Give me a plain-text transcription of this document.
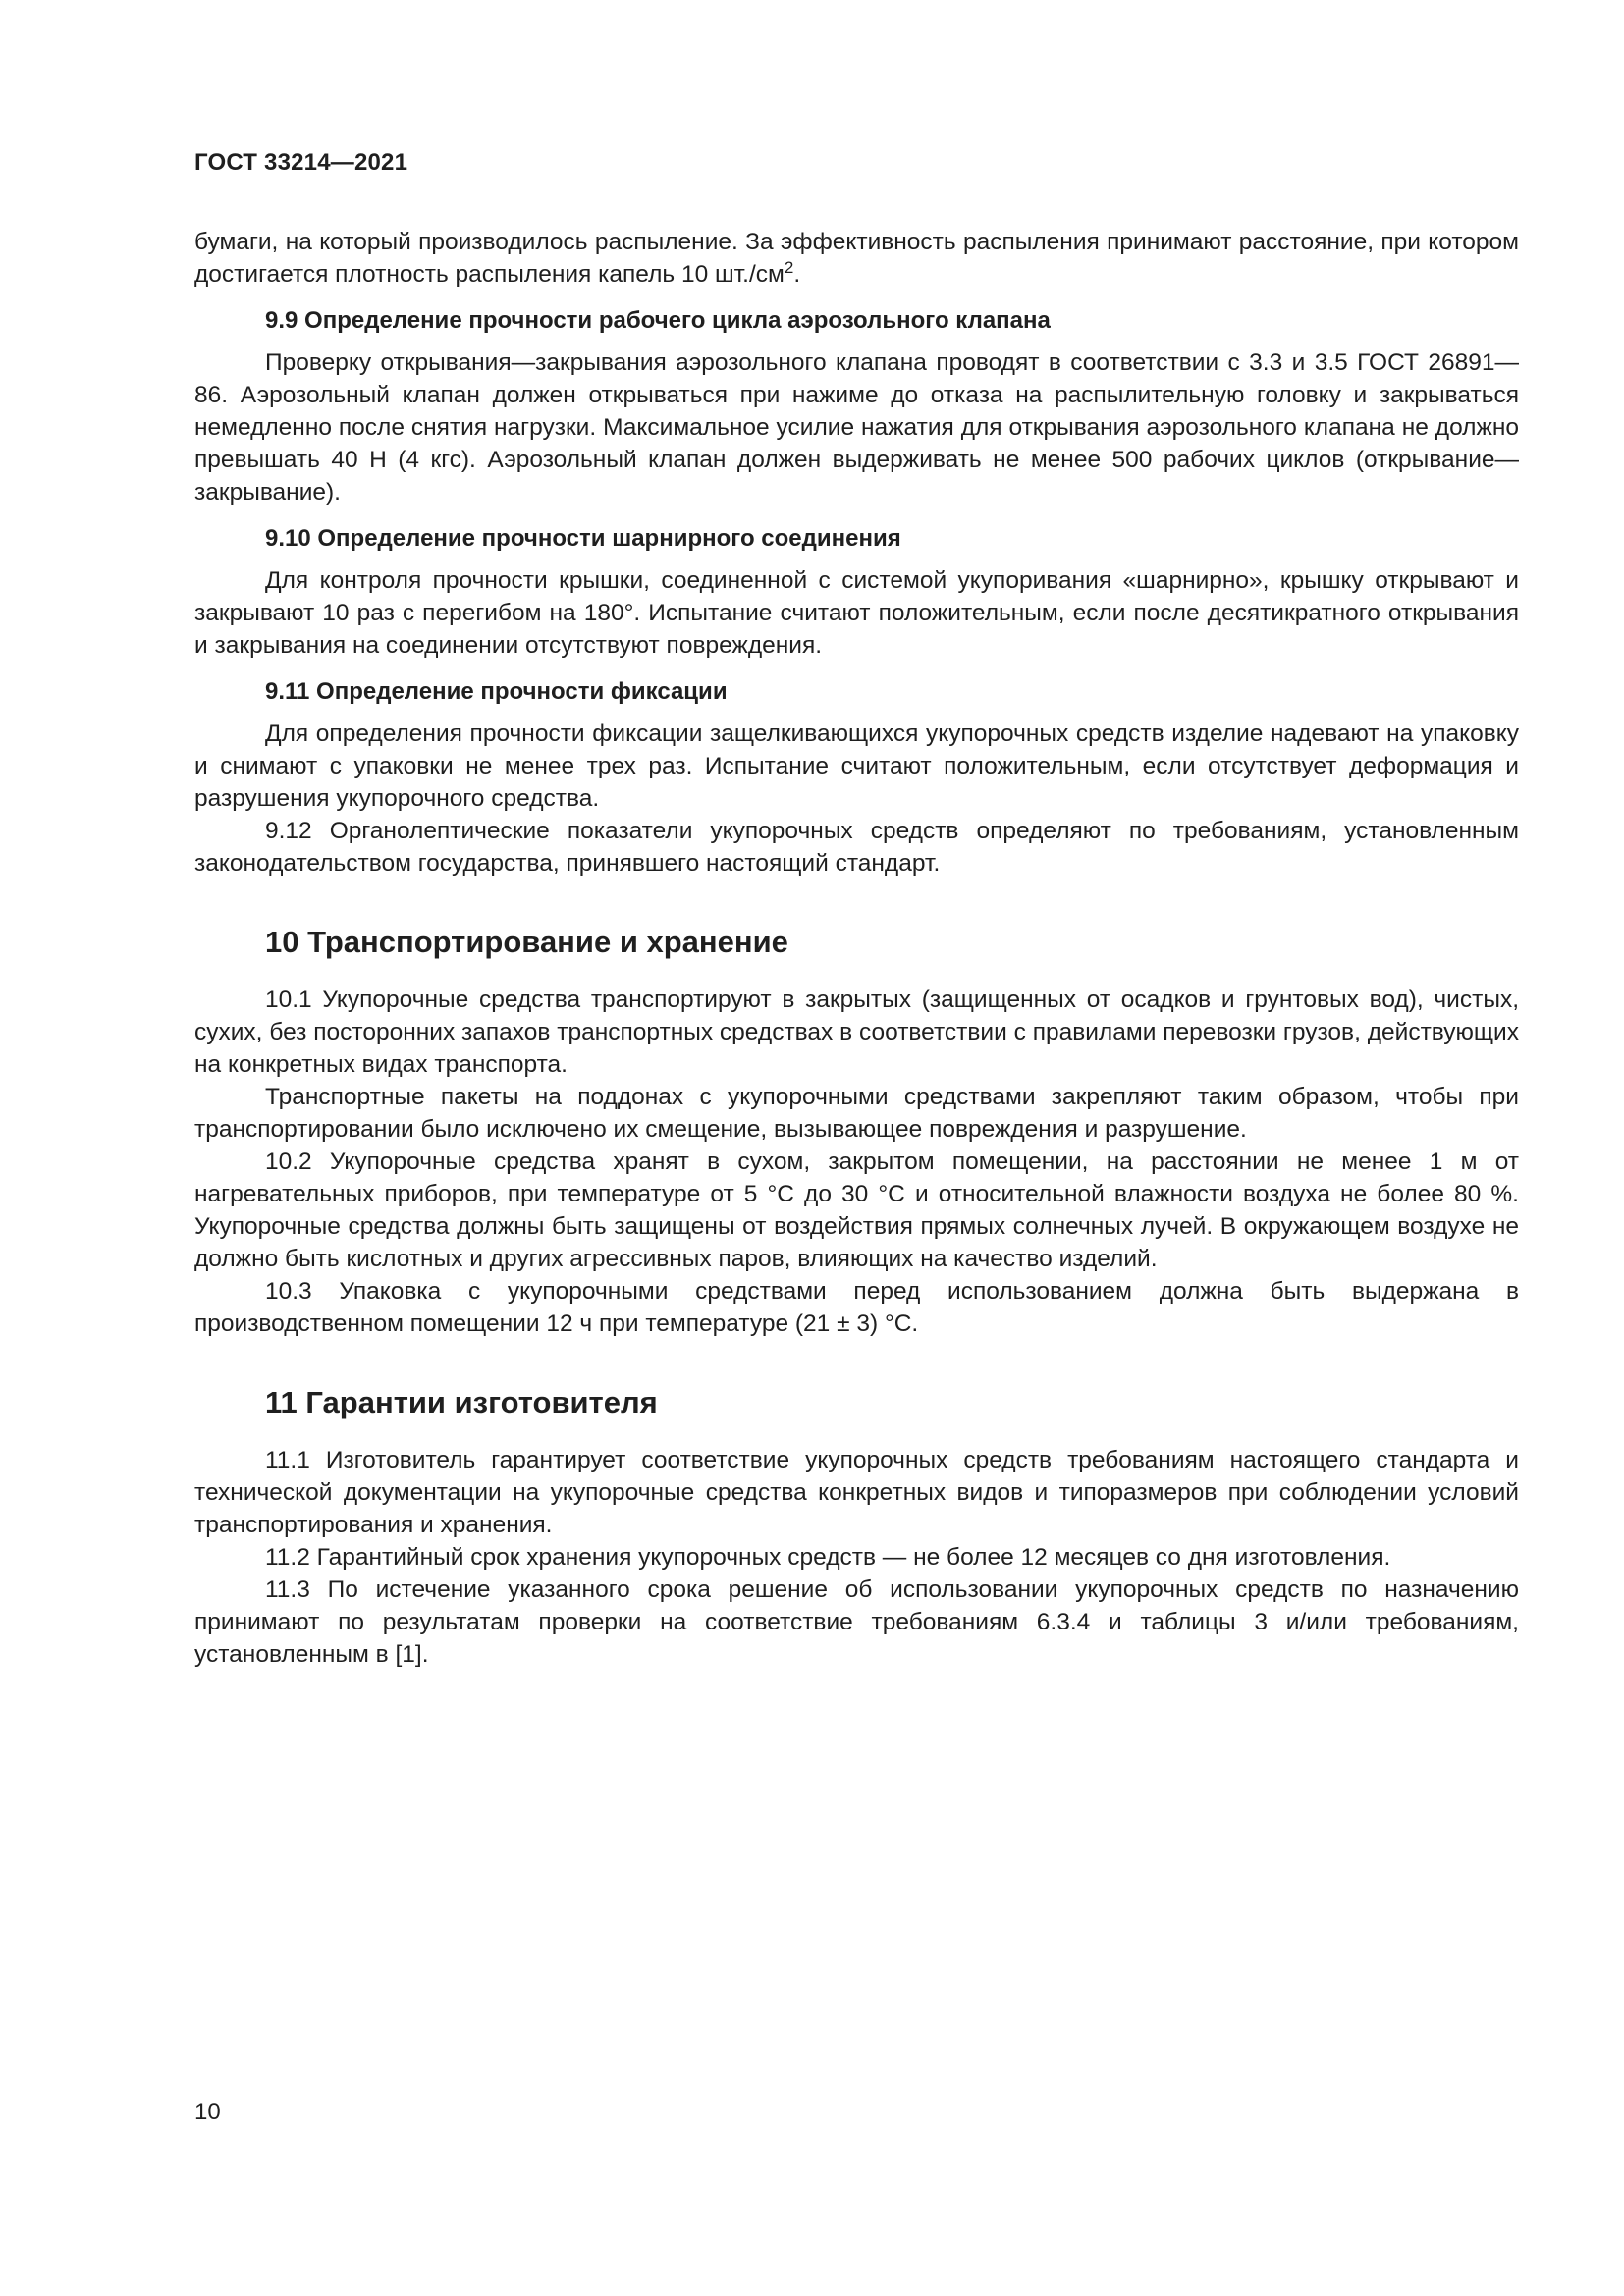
ГОСТ 33214—2021

бумаги, на который производилось распыление. За эффективность распыления принимают расстояние, при котором достигается плотность распыления капель 10 $шт./см^2$.

9.9 Определение прочности рабочего цикла аэрозольного клапана

Проверку открывания—закрывания аэрозольного клапана проводят в соответствии с 3.3 и 3.5 ГОСТ 26891—86. Аэрозольный клапан должен открываться при нажиме до отказа на распылительную головку и закрываться немедленно после снятия нагрузки. Максимальное усилие нажатия для открывания аэрозольного клапана не должно превышать 40 Н (4 кгс). Аэрозольный клапан должен выдерживать не менее 500 рабочих циклов (открывание—закрывание).

9.10 Определение прочности шарнирного соединения

Для контроля прочности крышки, соединенной с системой укупоривания «шарнирно», крышку открывают и закрывают 10 раз с перегибом на 180°. Испытание считают положительным, если после десятикратного открывания и закрывания на соединении отсутствуют повреждения.

9.11 Определение прочности фиксации

Для определения прочности фиксации защелкивающихся укупорочных средств изделие надевают на упаковку и снимают с упаковки не менее трех раз. Испытание считают положительным, если отсутствует деформация и разрушения укупорочного средства.

9.12 Органолептические показатели укупорочных средств определяют по требованиям, установленным законодательством государства, принявшего настоящий стандарт.

10 Транспортирование и хранение

10.1 Укупорочные средства транспортируют в закрытых (защищенных от осадков и грунтовых вод), чистых, сухих, без посторонних запахов транспортных средствах в соответствии с правилами перевозки грузов, действующих на конкретных видах транспорта.

Транспортные пакеты на поддонах с укупорочными средствами закрепляют таким образом, чтобы при транспортировании было исключено их смещение, вызывающее повреждения и разрушение.

10.2 Укупорочные средства хранят в сухом, закрытом помещении, на расстоянии не менее 1 м от нагревательных приборов, при температуре от 5 °С до 30 °С и относительной влажности воздуха не более 80 %. Укупорочные средства должны быть защищены от воздействия прямых солнечных лучей. В окружающем воздухе не должно быть кислотных и других агрессивных паров, влияющих на качество изделий.

10.3 Упаковка с укупорочными средствами перед использованием должна быть выдержана в производственном помещении 12 ч при температуре (21 ± 3) °С.

11 Гарантии изготовителя

11.1 Изготовитель гарантирует соответствие укупорочных средств требованиям настоящего стандарта и технической документации на укупорочные средства конкретных видов и типоразмеров при соблюдении условий транспортирования и хранения.

11.2 Гарантийный срок хранения укупорочных средств — не более 12 месяцев со дня изготовления.

11.3 По истечение указанного срока решение об использовании укупорочных средств по назначению принимают по результатам проверки на соответствие требованиям 6.3.4 и таблицы 3 и/или требованиям, установленным в [1].

10
